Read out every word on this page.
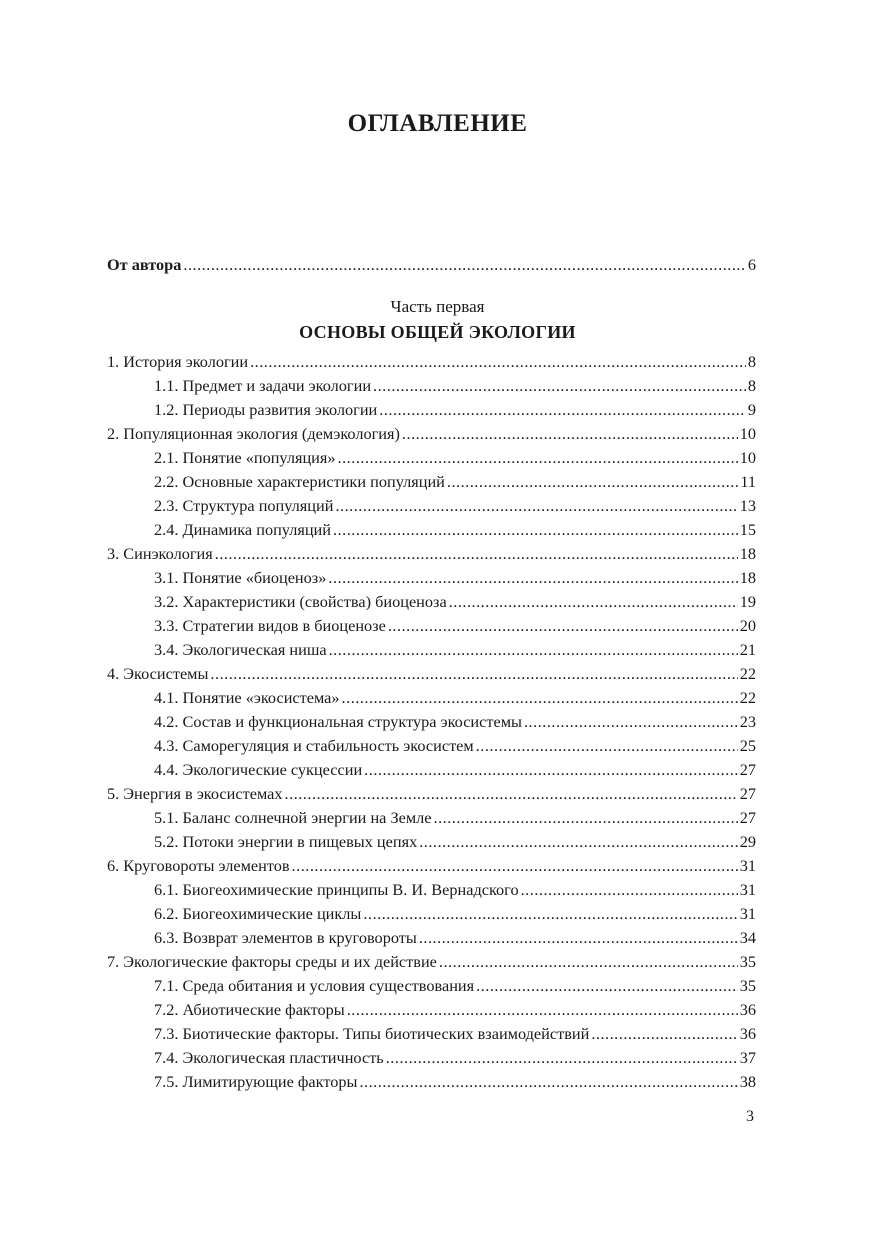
ОГЛАВЛЕНИЕ
От автора .....	6

Часть первая

ОСНОВЫ ОБЩЕЙ ЭКОЛОГИИ

1. История экологии .....	8
1.1. Предмет и задачи экологии .....	8
1.2. Периоды развития экологии .....	9
2. Популяционная экология (демэкология) .....	10
2.1. Понятие «популяция» .....	10
2.2. Основные характеристики популяций .....	11
2.3. Структура популяций .....	13
2.4. Динамика популяций .....	15
3. Синэкология .....	18
3.1. Понятие «биоценоз» .....	18
3.2. Характеристики (свойства) биоценоза .....	19
3.3. Стратегии видов в биоценозе .....	20
3.4. Экологическая ниша .....	21
4. Экосистемы .....	22
4.1. Понятие «экосистема» .....	22
4.2. Состав и функциональная структура экосистемы .....	23
4.3. Саморегуляция и стабильность экосистем .....	25
4.4. Экологические сукцессии .....	27
5. Энергия в экосистемах .....	27
5.1. Баланс солнечной энергии на Земле .....	27
5.2. Потоки энергии в пищевых цепях .....	29
6. Круговороты элементов .....	31
6.1. Биогеохимические принципы В. И. Вернадского .....	31
6.2. Биогеохимические циклы .....	31
6.3. Возврат элементов в круговороты .....	34
7. Экологические факторы среды и их действие .....	35
7.1. Среда обитания и условия существования .....	35
7.2. Абиотические факторы .....	36
7.3. Биотические факторы. Типы биотических взаимодействий .....	36
7.4. Экологическая пластичность .....	37
7.5. Лимитирующие факторы .....	38
3
